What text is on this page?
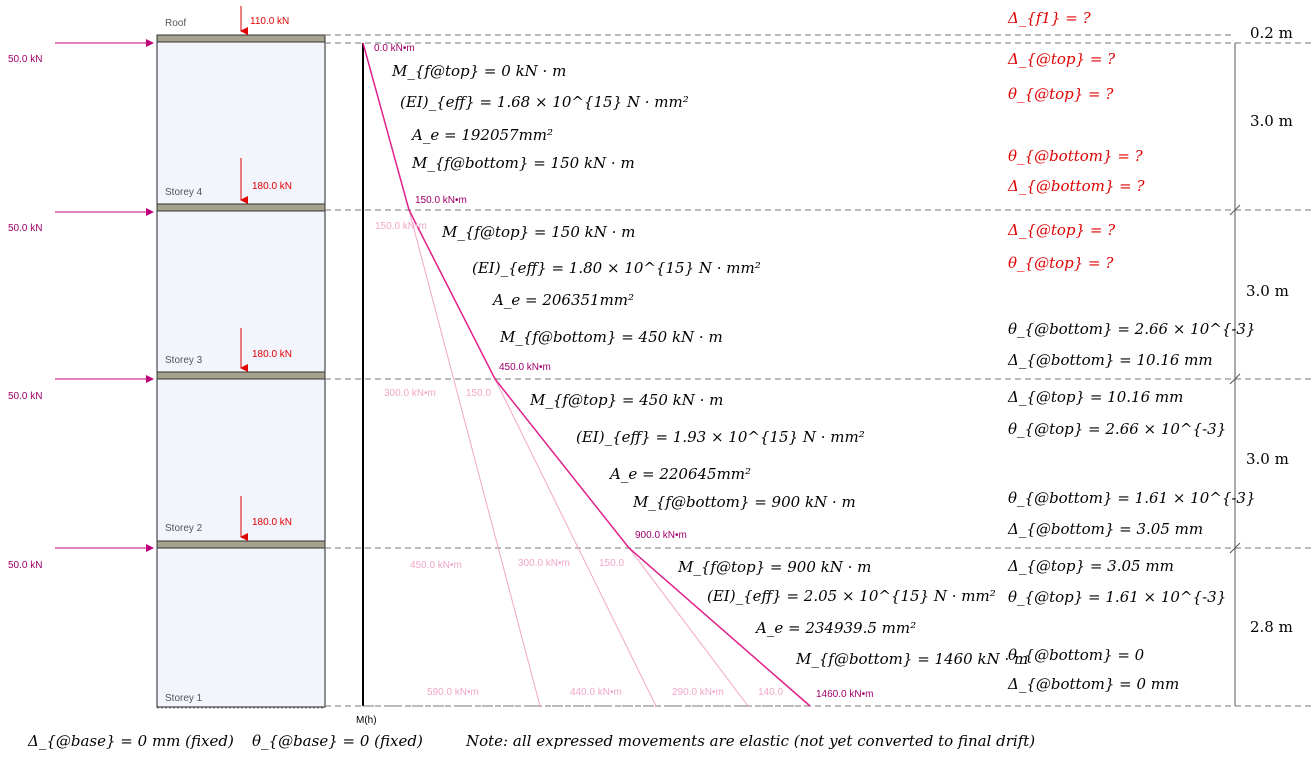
Roof
Storey 4
Storey 3
Storey 2
Storey 1
110.0 kN
180.0 kN
180.0 kN
180.0 kN
50.0 kN
50.0 kN
50.0 kN
50.0 kN
0.2 m
3.0 m
3.0 m
3.0 m
2.8 m
M(h)
0.0 kN•m
150.0 kN•m
450.0 kN•m
900.0 kN•m
1460.0 kN•m
150.0 kN•m
300.0 kN•m	150.0
450.0 kN•m	300.0 kN•m	150.0
590.0 kN•m	440.0 kN•m	290.0 kN•m	140.0
M_{f@top} = 0 kN · m
(EI)_{eff} = 1.68 × 10^{15} N · mm²
A_e = 192057mm²
M_{f@bottom} = 150 kN · m
M_{f@top} = 150 kN · m
(EI)_{eff} = 1.80 × 10^{15} N · mm²
A_e = 206351mm²
M_{f@bottom} = 450 kN · m
M_{f@top} = 450 kN · m
(EI)_{eff} = 1.93 × 10^{15} N · mm²
A_e = 220645mm²
M_{f@bottom} = 900 kN · m
M_{f@top} = 900 kN · m
(EI)_{eff} = 2.05 × 10^{15} N · mm²
A_e = 234939.5 mm²
M_{f@bottom} = 1460 kN · m
Δ_{f1} = ?
Δ_{@top} = ?
θ_{@top} = ?
θ_{@bottom} = ?
Δ_{@bottom} = ?
Δ_{@top} = ?
θ_{@top} = ?
θ_{@bottom} = 2.66 × 10^{-3}
Δ_{@bottom} = 10.16 mm
Δ_{@top} = 10.16 mm
θ_{@top} = 2.66 × 10^{-3}
θ_{@bottom} = 1.61 × 10^{-3}
Δ_{@bottom} = 3.05 mm
Δ_{@top} = 3.05 mm
θ_{@top} = 1.61 × 10^{-3}
θ_{@bottom} = 0
Δ_{@bottom} = 0 mm
Δ_{@base} = 0 mm (fixed) θ_{@base} = 0 (fixed)	Note: all expressed movements are elastic (not yet converted to final drift)
